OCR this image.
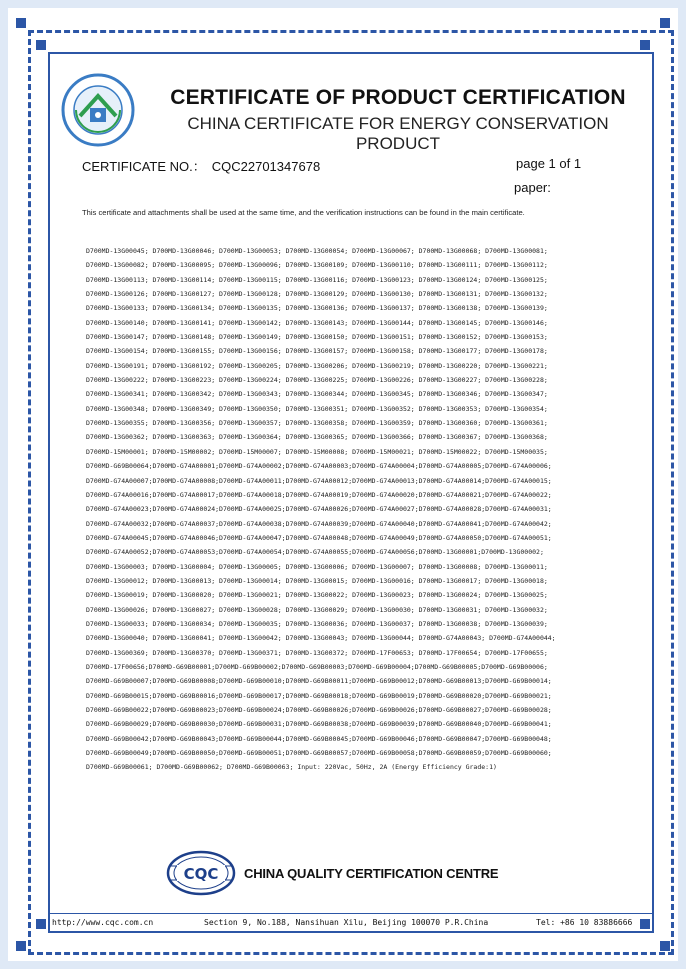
CERTIFICATE OF PRODUCT CERTIFICATION
CHINA CERTIFICATE FOR ENERGY CONSERVATION PRODUCT
CERTIFICATE NO.： CQC22701347678	page 1 of 1
paper:
This certificate and attachments shall be used at the same time, and the verification instructions can be found in the main certificate.
D700MD-13G00045; D700MD-13G00046; D700MD-13G00053; D700MD-13G00054; D700MD-13G00067; D700MD-13G00068; D700MD-13G00081;
D700MD-13G00082; D700MD-13G00095; D700MD-13G00096; D700MD-13G00109; D700MD-13G00110; D700MD-13G00111; D700MD-13G00112;
D700MD-13G00113; D700MD-13G00114; D700MD-13G00115; D700MD-13G00116; D700MD-13G00123; D700MD-13G00124; D700MD-13G00125;
D700MD-13G00126; D700MD-13G00127; D700MD-13G00128; D700MD-13G00129; D700MD-13G00130; D700MD-13G00131; D700MD-13G00132;
D700MD-13G00133; D700MD-13G00134; D700MD-13G00135; D700MD-13G00136; D700MD-13G00137; D700MD-13G00138; D700MD-13G00139;
D700MD-13G00140; D700MD-13G00141; D700MD-13G00142; D700MD-13G00143; D700MD-13G00144; D700MD-13G00145; D700MD-13G00146;
D700MD-13G00147; D700MD-13G00148; D700MD-13G00149; D700MD-13G00150; D700MD-13G00151; D700MD-13G00152; D700MD-13G00153;
D700MD-13G00154; D700MD-13G00155; D700MD-13G00156; D700MD-13G00157; D700MD-13G00158; D700MD-13G00177; D700MD-13G00178;
D700MD-13G00191; D700MD-13G00192; D700MD-13G00205; D700MD-13G00206; D700MD-13G00219; D700MD-13G00220; D700MD-13G00221;
D700MD-13G00222; D700MD-13G00223; D700MD-13G00224; D700MD-13G00225; D700MD-13G00226; D700MD-13G00227; D700MD-13G00228;
D700MD-13G00341; D700MD-13G00342; D700MD-13G00343; D700MD-13G00344; D700MD-13G00345; D700MD-13G00346; D700MD-13G00347;
D700MD-13G00348; D700MD-13G00349; D700MD-13G00350; D700MD-13G00351; D700MD-13G00352; D700MD-13G00353; D700MD-13G00354;
D700MD-13G00355; D700MD-13G00356; D700MD-13G00357; D700MD-13G00358; D700MD-13G00359; D700MD-13G00360; D700MD-13G00361;
D700MD-13G00362; D700MD-13G00363; D700MD-13G00364; D700MD-13G00365; D700MD-13G00366; D700MD-13G00367; D700MD-13G00368;
D700MD-15M00001; D700MD-15M00002; D700MD-15M00007; D700MD-15M00008; D700MD-15M00021; D700MD-15M00022; D700MD-15M00035;
D700MD-G69B00064;D700MD-G74A00001;D700MD-G74A00002;D700MD-G74A00003;D700MD-G74A00004;D700MD-G74A00005;D700MD-G74A00006;
D700MD-G74A00007;D700MD-G74A00008;D700MD-G74A00011;D700MD-G74A00012;D700MD-G74A00013;D700MD-G74A00014;D700MD-G74A00015;
D700MD-G74A00016;D700MD-G74A00017;D700MD-G74A00018;D700MD-G74A00019;D700MD-G74A00020;D700MD-G74A00021;D700MD-G74A00022;
D700MD-G74A00023;D700MD-G74A00024;D700MD-G74A00025;D700MD-G74A00026;D700MD-G74A00027;D700MD-G74A00028;D700MD-G74A00031;
D700MD-G74A00032;D700MD-G74A00037;D700MD-G74A00038;D700MD-G74A00039;D700MD-G74A00040;D700MD-G74A00041;D700MD-G74A00042;
D700MD-G74A00045;D700MD-G74A00046;D700MD-G74A00047;D700MD-G74A00048;D700MD-G74A00049;D700MD-G74A00050;D700MD-G74A00051;
D700MD-G74A00052;D700MD-G74A00053;D700MD-G74A00054;D700MD-G74A00055;D700MD-G74A00056;D700MD-13G00001;D700MD-13G00002;
D700MD-13G00003; D700MD-13G00004; D700MD-13G00005; D700MD-13G00006; D700MD-13G00007; D700MD-13G00008; D700MD-13G00011;
D700MD-13G00012; D700MD-13G00013; D700MD-13G00014; D700MD-13G00015; D700MD-13G00016; D700MD-13G00017; D700MD-13G00018;
D700MD-13G00019; D700MD-13G00020; D700MD-13G00021; D700MD-13G00022; D700MD-13G00023; D700MD-13G00024; D700MD-13G00025;
D700MD-13G00026; D700MD-13G00027; D700MD-13G00028; D700MD-13G00029; D700MD-13G00030; D700MD-13G00031; D700MD-13G00032;
D700MD-13G00033; D700MD-13G00034; D700MD-13G00035; D700MD-13G00036; D700MD-13G00037; D700MD-13G00038; D700MD-13G00039;
D700MD-13G00040; D700MD-13G00041; D700MD-13G00042; D700MD-13G00043; D700MD-13G00044; D700MD-G74A00043; D700MD-G74A00044;
D700MD-13G00369; D700MD-13G00370; D700MD-13G00371; D700MD-13G00372; D700MD-17F00653; D700MD-17F00654; D700MD-17F00655;
D700MD-17F00656;D700MD-G69B00001;D700MD-G69B00002;D700MD-G69B00003;D700MD-G69B00004;D700MD-G69B00005;D700MD-G69B00006;
D700MD-G69B00007;D700MD-G69B00008;D700MD-G69B00010;D700MD-G69B00011;D700MD-G69B00012;D700MD-G69B00013;D700MD-G69B00014;
D700MD-G69B00015;D700MD-G69B00016;D700MD-G69B00017;D700MD-G69B00018;D700MD-G69B00019;D700MD-G69B00020;D700MD-G69B00021;
D700MD-G69B00022;D700MD-G69B00023;D700MD-G69B00024;D700MD-G69B00026;D700MD-G69B00026;D700MD-G69B00027;D700MD-G69B00028;
D700MD-G69B00029;D700MD-G69B00030;D700MD-G69B00031;D700MD-G69B00038;D700MD-G69B00039;D700MD-G69B00040;D700MD-G69B00041;
D700MD-G69B00042;D700MD-G69B00043;D700MD-G69B00044;D700MD-G69B00045;D700MD-G69B00046;D700MD-G69B00047;D700MD-G69B00048;
D700MD-G69B00049;D700MD-G69B00050;D700MD-G69B00051;D700MD-G69B00057;D700MD-G69B00058;D700MD-G69B00059;D700MD-G69B00060;
D700MD-G69B00061; D700MD-G69B00062; D700MD-G69B00063; Input: 220Vac, 50Hz, 2A (Energy Efficiency Grade:1)
CQC CHINA QUALITY CERTIFICATION CENTRE
http://www.cqc.com.cn	Section 9, No.188, Nansihuan Xilu, Beijing 100070 P.R.China	Tel: +86 10 83886666
